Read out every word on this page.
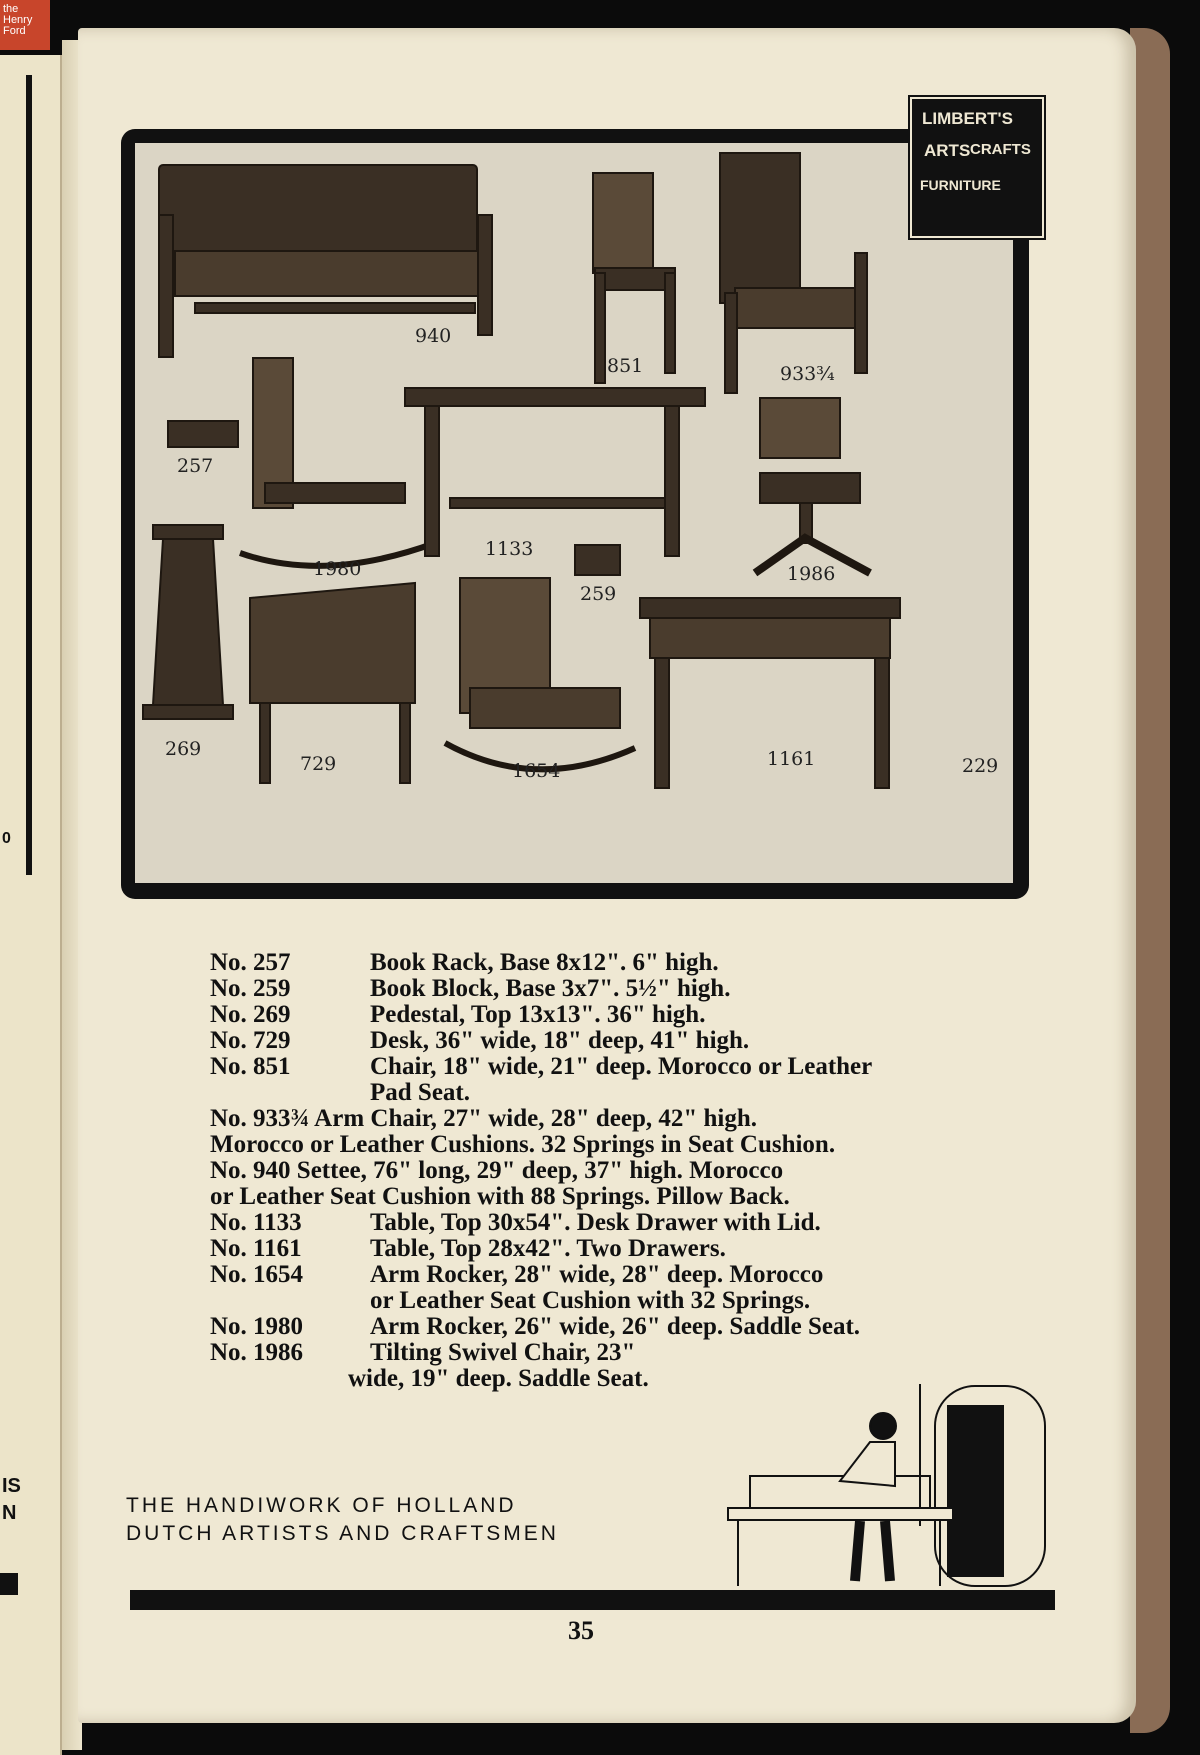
the
Henry
Ford
0
IS
N
940
851	933¾
257
1980
1133
259
1986
269
729	1654
1161	229
LIMBERT'S
ARTS CRAFTS
FURNITURE
No. 257	Book Rack, Base 8x12". 6" high.
No. 259	Book Block, Base 3x7". 5½" high.
No. 269	Pedestal, Top 13x13". 36" high.
No. 729	Desk, 36" wide, 18" deep, 41" high.
No. 851	Chair, 18" wide, 21" deep. Morocco or Leather
Pad Seat.
No. 933¾ Arm Chair, 27" wide, 28" deep, 42" high.
Morocco or Leather Cushions. 32 Springs in Seat Cushion.
No. 940 Settee, 76" long, 29" deep, 37" high. Morocco
or Leather Seat Cushion with 88 Springs. Pillow Back.
No. 1133	Table, Top 30x54". Desk Drawer with Lid.
No. 1161	Table, Top 28x42". Two Drawers.
No. 1654	Arm Rocker, 28" wide, 28" deep. Morocco
or Leather Seat Cushion with 32 Springs.
No. 1980	Arm Rocker, 26" wide, 26" deep. Saddle Seat.
No. 1986	Tilting Swivel Chair, 23"
wide, 19" deep. Saddle Seat.
THE HANDIWORK OF HOLLAND
DUTCH ARTISTS AND CRAFTSMEN
35
